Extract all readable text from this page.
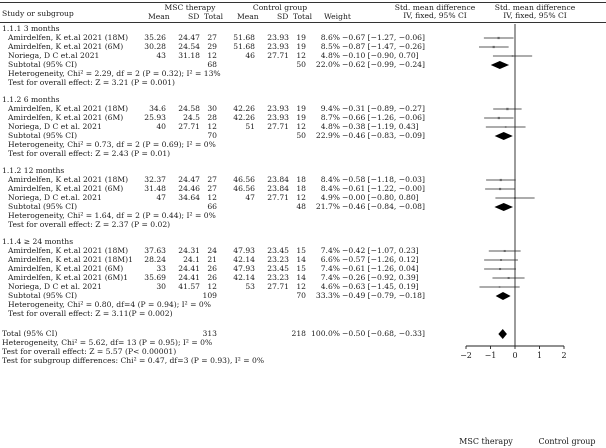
Study or subgroup
MSC therapy	Control group	Std. mean difference
IV, fixed, 95% CI
Std. mean difference
IV, fixed, 95% CI
Mean SD Total Mean SD Total Weight
1.1.1 3 months
Amirdelfen, K et.al 2021 (18M)	35.26	24.47 27	51.68	23.93 19	8.6% −0.67 [−1.27, −0.06]
Amirdelfen, K et.al 2021 (6M)	30.28	24.54 29	51.68	23.93 19	8.5% −0.87 [−1.47, −0.26]
Noriega, D C et.al 2021	43	31.18 12	46	27.71 12	4.8% −0.10 [−0.90, 0.70]
Subtotal (95% CI)	68	50	22.0% −0.62 [−0.99, −0.24]
Heterogeneity, Chi² = 2.29, df = 2 (P = 0.32); I² = 13%
Test for overall effect: Z = 3.21 (P = 0.001)
1.1.2 6 months
Amirdelfen, K et.al 2021 (18M)	34.6	24.58 30	42.26	23.93 19	9.4% −0.31 [−0.89, −0.27]
Amirdelfen, K et.al 2021 (6M)	25.93	24.5 28	42.26	23.93 19	8.7% −0.66 [−1.26, −0.06]
Noriega, D C et al. 2021	40	27.71 12	51	27.71 12	4.8% −0.38 [−1.19, 0.43]
Subtotal (95% CI)	70	50	22.9% −0.46 [−0.83, −0.09]
Heterogeneity, Chi² = 0.73, df = 2 (P = 0.69); I² = 0%
Test for overall effect: Z = 2.43 (P = 0.01)
1.1.2 12 months
Amirdelfen, K et.al 2021 (18M)	32.37	24.47 27	46.56	23.84 18	8.4% −0.58 [−1.18, −0.03]
Amirdelfen, K et.al 2021 (6M)	31.48	24.46 27	46.56	23.84 18	8.4% −0.61 [−1.22, −0.00]
Noriega, D C et.al. 2021	47	34.64 12	47	27.71 12	4.9% −0.00 [−0.80, 0.80]
Subtotal (95% CI)	66	48	21.7% −0.46 [−0.84, −0.08]
Heterogeneity, Chi² = 1.64, df = 2 (P = 0.44); I² = 0%
Test for overall effect: Z = 2.37 (P = 0.02)
1.1.4 ≥ 24 months
Amirdelfen, K et.al 2021 (18M)	37.63	24.31 24	47.93	23.45 15	7.4% −0.42 [−1.07, 0.23]
Amirdelfen, K et.al 2021 (18M)1	28.24	24.1 21	42.14	23.23 14	6.6% −0.57 [−1.26, 0.12]
Amirdelfen, K et.al 2021 (6M)	33	24.41 26	47.93	23.45 15	7.4% −0.61 [−1.26, 0.04]
Amirdelfen, K et.al 2021 (6M)1	35.69	24.41 26	42.14	23.23 14	7.4% −0.26 [−0.92, 0.39]
Noriega, D C et al. 2021	30	41.57 12	53	27.71 12	4.6% −0.63 [−1.45, 0.19]
Subtotal (95% CI)	109	70	33.3% −0.49 [−0.79, −0.18]
Heterogeneity, Chi² = 0.80, df=4 (P = 0.94); I² = 0%
Test for overall effect: Z = 3.11(P = 0.002)
Total (95% CI)	313	218 100.0% −0.50 [−0.68, −0.33]
−2 −1 0 1 2
MSC therapy	Control group
Heterogeneity, Chi² = 5.62, df= 13 (P = 0.95); I² = 0%
Test for overall effect: Z = 5.57 (P< 0.00001)
Test for subgroup differences: Chi² = 0.47, df=3 (P = 0.93), I² = 0%
